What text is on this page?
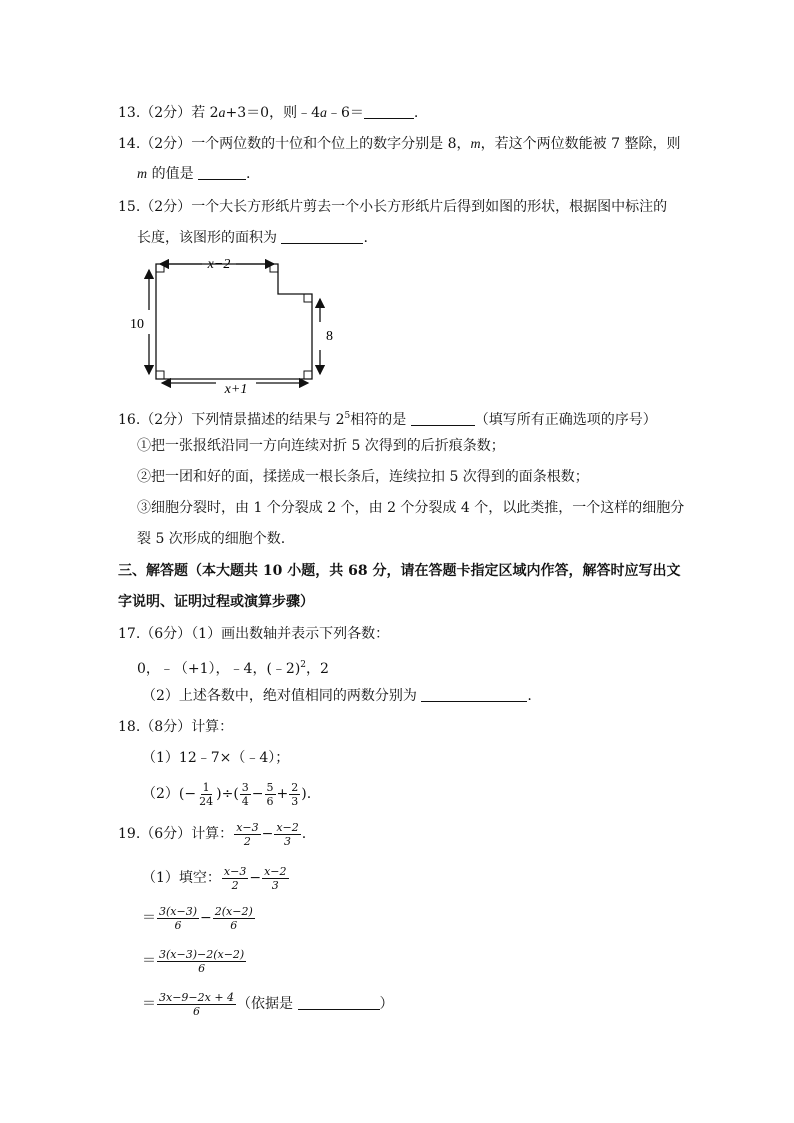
13.（2分）若 2a+3＝0，则﹣4a﹣6＝	.
14.（2分）一个两位数的十位和个位上的数字分别是 8，m，若这个两位数能被 7 整除，则
m 的值是	.
15.（2分）一个大长方形纸片剪去一个小长方形纸片后得到如图的形状，根据图中标注的
长度，该图形的面积为	.
x−2
10
8
x+1
16.（2分）下列情景描述的结果与 $2^5$相符的是	（填写所有正确选项的序号）
①把一张报纸沿同一方向连续对折 5 次得到的后折痕条数；
②把一团和好的面，揉搓成一根长条后，连续拉扣 5 次得到的面条根数；
③细胞分裂时，由 1 个分裂成 2 个，由 2 个分裂成 4 个，以此类推，一个这样的细胞分
裂 5 次形成的细胞个数.
三、解答题（本大题共 10 小题，共 68 分，请在答题卡指定区域内作答，解答时应写出文
字说明、证明过程或演算步骤）
17.（6分）（1）画出数轴并表示下列各数：
0，﹣（+1），﹣4，(﹣2)$^2$，2
（2）上述各数中，绝对值相同的两数分别为	.
18.（8分）计算：
（1）12﹣7×（﹣4）；
$(2)(- \frac{1}{24}$ )÷( $\frac{3}{4} - \frac{5}{6} + \frac{2}{3}$ ).
19.（6分）计算： $\frac{x-3}{2} - \frac{x-2}{3}$ .
（1）填空： $\frac{x-3}{2} - \frac{x-2}{3}$
＝ $\frac{3(x-3)}{6} - \frac{2(x-2)}{6}$
＝ $\frac{3(x-3)-2(x-2)}{6}$
＝ $\frac{3x-9-2x + 4}{6}$ （依据是	）
